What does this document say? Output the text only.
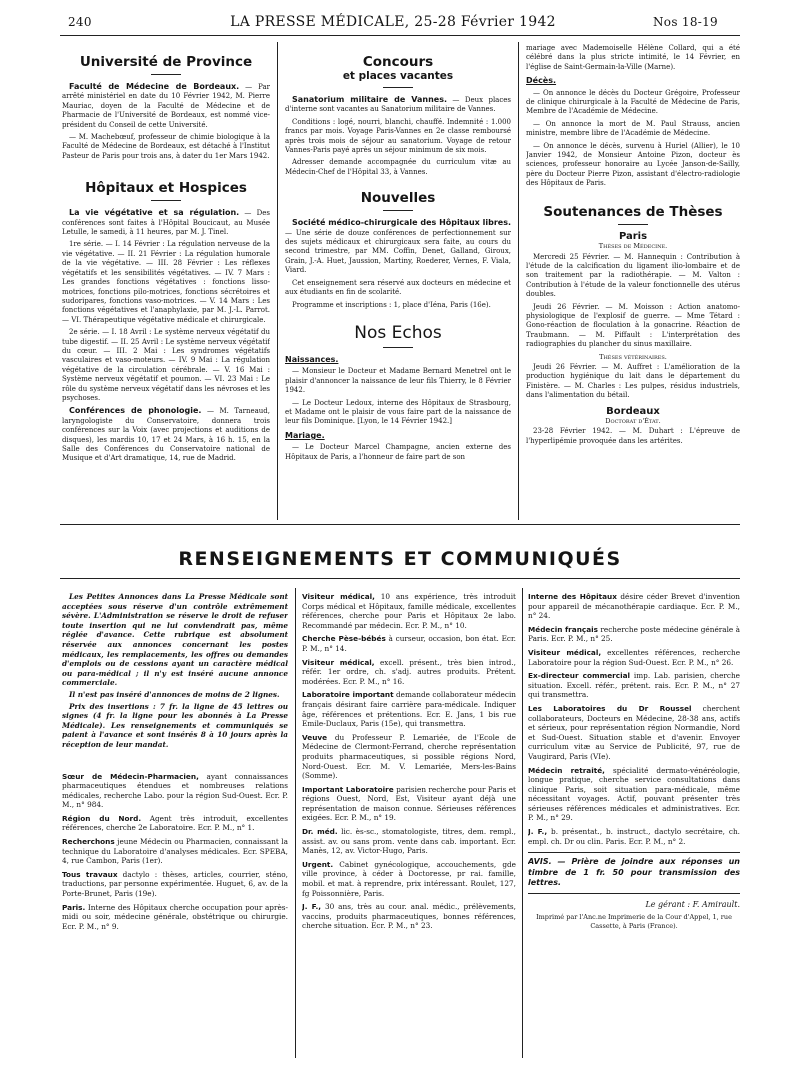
240	LA PRESSE MÉDICALE, 25-28 Février 1942	Nos 18-19
Université de Province

Faculté de Médecine de Bordeaux. — Par arrêté ministériel en date du 10 Février 1942, M. Pierre Mauriac, doyen de la Faculté de Médecine et de Pharmacie de l'Université de Bordeaux, est nommé vice-président du Conseil de cette Université.

— M. Machebœuf, professeur de chimie biologique à la Faculté de Médecine de Bordeaux, est détaché à l'Institut Pasteur de Paris pour trois ans, à dater du 1er Mars 1942.

Hôpitaux et Hospices

La vie végétative et sa régulation. — Des conférences sont faites à l'Hôpital Boucicaut, au Musée Letulle, le samedi, à 11 heures, par M. J. Tinel.

1re série. — I. 14 Février : La régulation nerveuse de la vie végétative. — II. 21 Février : La régulation humorale de la vie végétative. — III. 28 Février : Les réflexes végétatifs et les sensibilités végétatives. — IV. 7 Mars : Les grandes fonctions végétatives : fonctions lisso-motrices, fonctions pilo-motrices, fonctions sécrétoires et sudoripares, fonctions vaso-motrices. — V. 14 Mars : Les fonctions végétatives et l'anaphylaxie, par M. J.-L. Parrot. — VI. Thérapeutique végétative médicale et chirurgicale.

2e série. — I. 18 Avril : Le système nerveux végétatif du tube digestif. — II. 25 Avril : Le système nerveux végétatif du cœur. — III. 2 Mai : Les syndromes végétatifs vasculaires et vaso-moteurs. — IV. 9 Mai : La régulation végétative de la circulation cérébrale. — V. 16 Mai : Système nerveux végétatif et poumon. — VI. 23 Mai : Le rôle du système nerveux végétatif dans les névroses et les psychoses.

Conférences de phonologie. — M. Tarneaud, laryngologiste du Conservatoire, donnera trois conférences sur la Voix (avec projections et auditions de disques), les mardis 10, 17 et 24 Mars, à 16 h. 15, en la Salle des Conférences du Conservatoire national de Musique et d'Art dramatique, 14, rue de Madrid.

Concours
et places vacantes

Sanatorium militaire de Vannes. — Deux places d'interne sont vacantes au Sanatorium militaire de Vannes.

Conditions : logé, nourri, blanchi, chauffé. Indemnité : 1.000 francs par mois. Voyage Paris-Vannes en 2e classe remboursé après trois mois de séjour au sanatorium. Voyage de retour Vannes-Paris payé après un séjour minimum de six mois.

Adresser demande accompagnée du curriculum vitæ au Médecin-Chef de l'Hôpital 33, à Vannes.

Nouvelles

Société médico-chirurgicale des Hôpitaux libres. — Une série de douze conférences de perfectionnement sur des sujets médicaux et chirurgicaux sera faite, au cours du second trimestre, par MM. Coffin, Denet, Galland, Giroux, Grain, J.-A. Huet, Jaussion, Martiny, Roederer, Vernes, F. Viala, Viard.

Cet enseignement sera réservé aux docteurs en médecine et aux étudiants en fin de scolarité.

Programme et inscriptions : 1, place d'Iéna, Paris (16e).

Nos Echos
Naissances.

— Monsieur le Docteur et Madame Bernard Menetrel ont le plaisir d'annoncer la naissance de leur fils Thierry, le 8 Février 1942.

— Le Docteur Ledoux, interne des Hôpitaux de Strasbourg, et Madame ont le plaisir de vous faire part de la naissance de leur fils Dominique. [Lyon, le 14 Février 1942.]

Mariage.

— Le Docteur Marcel Champagne, ancien externe des Hôpitaux de Paris, a l'honneur de faire part de son

mariage avec Mademoiselle Hélène Collard, qui a été célébré dans la plus stricte intimité, le 14 Février, en l'église de Saint-Germain-la-Ville (Marne).

Décès.

— On annonce le décès du Docteur Grégoire, Professeur de clinique chirurgicale à la Faculté de Médecine de Paris, Membre de l'Académie de Médecine.

— On annonce la mort de M. Paul Strauss, ancien ministre, membre libre de l'Académie de Médecine.

— On annonce le décès, survenu à Huriel (Allier), le 10 Janvier 1942, de Monsieur Antoine Pizon, docteur ès sciences, professeur honoraire au Lycée Janson-de-Sailly, père du Docteur Pierre Pizon, assistant d'électro-radiologie des Hôpitaux de Paris.

Soutenances de Thèses
Paris
Thèses de Médecine.

Mercredi 25 Février. — M. Hannequin : Contribution à l'étude de la calcification du ligament ilio-lombaire et de son traitement par la radiothérapie. — M. Valton : Contribution à l'étude de la valeur fonctionnelle des utérus doubles.

Jeudi 26 Février. — M. Moisson : Action anatomo-physiologique de l'explosif de guerre. — Mme Tétard : Gono-réaction de floculation à la gonacrine. Réaction de Traubmann. — M. Piffault : L'interprétation des radiographies du plancher du sinus maxillaire.

Thèses vétérinaires.

Jeudi 26 Février. — M. Auffret : L'amélioration de la production hygiénique du lait dans le département du Finistère. — M. Charles : Les pulpes, résidus industriels, dans l'alimentation du bétail.

Bordeaux
Doctorat d'État.

23-28 Février 1942. — M. Duhart : L'épreuve de l'hyperlipémie provoquée dans les artérites.

RENSEIGNEMENTS ET COMMUNIQUÉS

Les Petites Annonces dans La Presse Médicale sont acceptées sous réserve d'un contrôle extrêmement sévère. L'Administration se réserve le droit de refuser toute insertion qui ne lui conviendrait pas, même réglée d'avance. Cette rubrique est absolument réservée aux annonces concernant les postes médicaux, les remplacements, les offres ou demandes d'emplois ou de cessions ayant un caractère médical ou para-médical ; il n'y est inséré aucune annonce commerciale.

Il n'est pas inséré d'annonces de moins de 2 lignes.

Prix des insertions : 7 fr. la ligne de 45 lettres ou signes (4 fr. la ligne pour les abonnés à La Presse Médicale). Les renseignements et communiqués se paient à l'avance et sont insérés 8 à 10 jours après la réception de leur mandat.

Sœur de Médecin-Pharmacien, ayant connaissances pharmaceutiques étendues et nombreuses relations médicales, recherche Labo. pour la région Sud-Ouest. Ecr. P. M., n° 984.

Région du Nord. Agent très introduit, excellentes références, cherche 2e Laboratoire. Ecr. P. M., n° 1.

Recherchons jeune Médecin ou Pharmacien, connaissant la technique du Laboratoire d'analyses médicales. Ecr. SPEBA, 4, rue Cambon, Paris (1er).

Tous travaux dactylo : thèses, articles, courrier, sténo, traductions, par personne expérimentée. Huguet, 6, av. de la Porte-Brunet, Paris (19e).

Paris. Interne des Hôpitaux cherche occupation pour après-midi ou soir, médecine générale, obstétrique ou chirurgie. Ecr. P. M., n° 9.

Visiteur médical, 10 ans expérience, très introduit Corps médical et Hôpitaux, famille médicale, excellentes références, cherche pour Paris et Hôpitaux 2e labo. Recommandé par médecin. Ecr. P. M., n° 10.

Cherche Pèse-bébés à curseur, occasion, bon état. Ecr. P. M., n° 14.

Visiteur médical, excell. présent., très bien introd., référ. 1er ordre, ch. s'adj. autres produits. Prétent. modérées. Ecr. P. M., n° 16.

Laboratoire important demande collaborateur médecin français désirant faire carrière para-médicale. Indiquer âge, références et prétentions. Ecr. E. Jans, 1 bis rue Emile-Duclaux, Paris (15e), qui transmettra.

Veuve du Professeur P. Lemariée, de l'Ecole de Médecine de Clermont-Ferrand, cherche représentation produits pharmaceutiques, si possible régions Nord, Nord-Ouest. Ecr. M. V. Lemariée, Mers-les-Bains (Somme).

Important Laboratoire parisien recherche pour Paris et régions Ouest, Nord, Est, Visiteur ayant déjà une représentation de maison connue. Sérieuses références exigées. Ecr. P. M., n° 19.

Dr. méd. lic. ès-sc., stomatologiste, titres, dem. rempl., assist. av. ou sans prom. vente dans cab. important. Ecr. Manès, 12, av. Victor-Hugo, Paris.

Urgent. Cabinet gynécologique, accouchements, gde ville province, à céder à Doctoresse, pr rai. famille, mobil. et mat. à reprendre, prix intéressant. Roulet, 127, fg Poissonnière, Paris.

J. F., 30 ans, très au cour. anal. médic., prélèvements, vaccins, produits pharmaceutiques, bonnes références, cherche situation. Ecr. P. M., n° 23.

Interne des Hôpitaux désire céder Brevet d'invention pour appareil de mécanothérapie cardiaque. Ecr. P. M., n° 24.

Médecin français recherche poste médecine générale à Paris. Ecr. P. M., n° 25.

Visiteur médical, excellentes références, recherche Laboratoire pour la région Sud-Ouest. Ecr. P. M., n° 26.

Ex-directeur commercial imp. Lab. parisien, cherche situation. Excell. référ., prétent. rais. Ecr. P. M., n° 27 qui transmettra.

Les Laboratoires du Dr Roussel cherchent collaborateurs, Docteurs en Médecine, 28-38 ans, actifs et sérieux, pour représentation région Normandie, Nord et Sud-Ouest. Situation stable et d'avenir. Envoyer curriculum vitæ au Service de Publicité, 97, rue de Vaugirard, Paris (VIe).

Médecin retraité, spécialité dermato-vénéréologie, longue pratique, cherche service consultations dans clinique Paris, soit situation para-médicale, même nécessitant voyages. Actif, pouvant présenter très sérieuses références médicales et administratives. Ecr. P. M., n° 29.

J. F., b. présentat., b. instruct., dactylo secrétaire, ch. empl. ch. Dr ou clin. Paris. Ecr. P. M., n° 2.

AVIS. — Prière de joindre aux réponses un timbre de 1 fr. 50 pour transmission des lettres.
Le gérant : F. Amirault.
Imprimé par l'Anc.ne Imprimerie de la Cour d'Appel, 1, rue Cassette, à Paris (France).
